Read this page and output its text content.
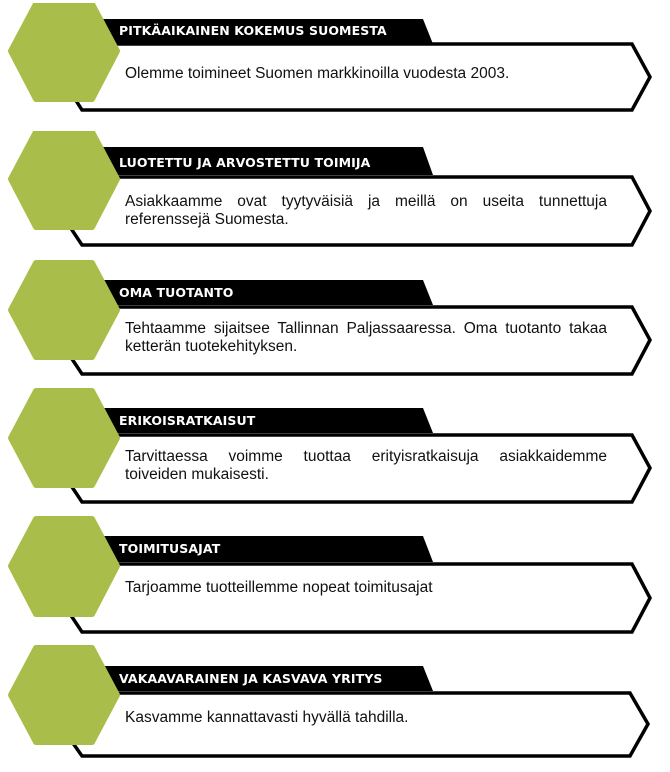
PITKÄAIKAINEN KOKEMUS SUOMESTA
Olemme toimineet Suomen markkinoilla vuodesta 2003.
LUOTETTU JA ARVOSTETTU TOIMIJA
Asiakkaamme ovat tyytyväisiä ja meillä on useita tunnettuja referenssejä Suomesta.
OMA TUOTANTO
Tehtaamme sijaitsee Tallinnan Paljassaaressa. Oma tuotanto takaa ketterän tuotekehityksen.
ERIKOISRATKAISUT
Tarvittaessa voimme tuottaa erityisratkaisuja asiakkaidemme toiveiden mukaisesti.
TOIMITUSAJAT
Tarjoamme tuotteillemme nopeat toimitusajat
VAKAAVARAINEN JA KASVAVA YRITYS
Kasvamme kannattavasti hyvällä tahdilla.
